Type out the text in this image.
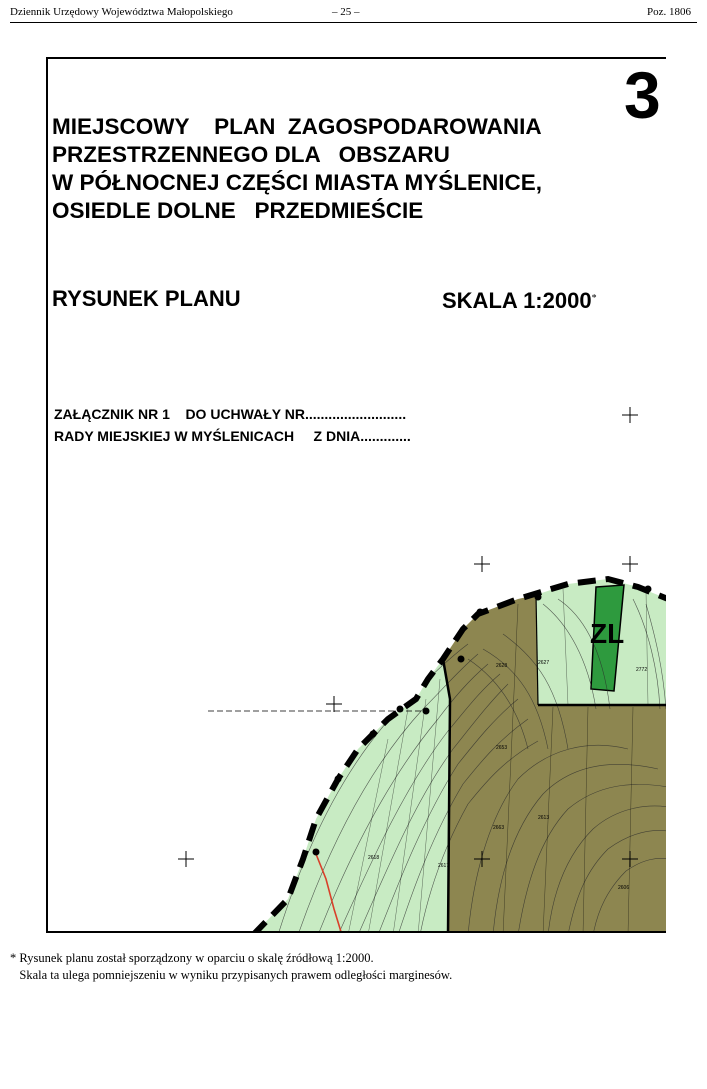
Dziennik Urzędowy Województwa Małopolskiego	– 25 –	Poz. 1806
2627
2628
2772
2653
2663
2613
2617
2618
2606
3
MIEJSCOWY    PLAN  ZAGOSPODAROWANIA
PRZESTRZENNEGO DLA   OBSZARU
W PÓŁNOCNEJ CZĘŚCI MIASTA MYŚLENICE,
OSIEDLE DOLNE   PRZEDMIEŚCIE
RYSUNEK PLANU	SKALA 1:2000*
ZAŁĄCZNIK NR 1    DO UCHWAŁY NR..........................
RADY MIEJSKIEJ W MYŚLENICACH     Z DNIA.............
ZL
* Rysunek planu został sporządzony w oparciu o skalę źródłową 1:2000.
Skala ta ulega pomniejszeniu w wyniku przypisanych prawem odległości marginesów.
